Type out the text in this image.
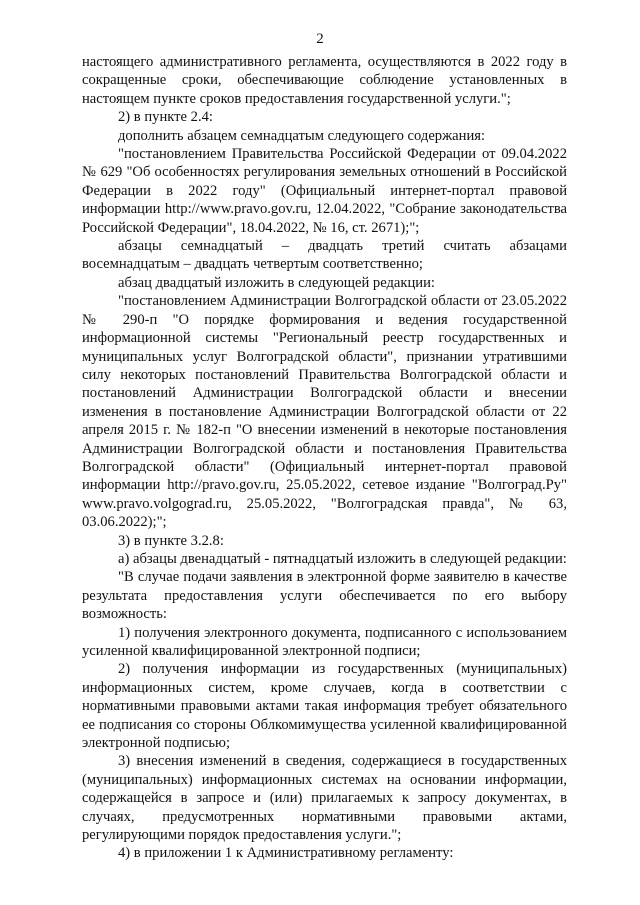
2

настоящего административного регламента, осуществляются в 2022 году в сокращенные сроки, обеспечивающие соблюдение установленных в настоящем пункте сроков предоставления государственной услуги.";

2) в пункте 2.4:

дополнить абзацем семнадцатым следующего содержания:

"постановлением Правительства Российской Федерации от 09.04.2022 № 629 "Об особенностях регулирования земельных отношений в Российской Федерации в 2022 году" (Официальный интернет-портал правовой информации http://www.pravo.gov.ru, 12.04.2022, "Собрание законодательства Российской Федерации", 18.04.2022, № 16, ст. 2671);";

абзацы семнадцатый – двадцать третий считать абзацами восемнадцатым – двадцать четвертым соответственно;

абзац двадцатый изложить в следующей редакции:

"постановлением Администрации Волгоградской области от 23.05.2022 № 290-п "О порядке формирования и ведения государственной информационной системы "Региональный реестр государственных и муниципальных услуг Волгоградской области", признании утратившими силу некоторых постановлений Правительства Волгоградской области и постановлений Администрации Волгоградской области и внесении изменения в постановление Администрации Волгоградской области от 22 апреля 2015 г. № 182-п "О внесении изменений в некоторые постановления Администрации Волгоградской области и постановления Правительства Волгоградской области" (Официальный интернет-портал правовой информации http://pravo.gov.ru, 25.05.2022, сетевое издание "Волгоград.Ру" www.pravo.volgograd.ru, 25.05.2022, "Волгоградская правда", № 63, 03.06.2022);";

3) в пункте 3.2.8:

а) абзацы двенадцатый - пятнадцатый изложить в следующей редакции:

"В случае подачи заявления в электронной форме заявителю в качестве результата предоставления услуги обеспечивается по его выбору возможность:

1) получения электронного документа, подписанного с использованием усиленной квалифицированной электронной подписи;

2) получения информации из государственных (муниципальных) информационных систем, кроме случаев, когда в соответствии с нормативными правовыми актами такая информация требует обязательного ее подписания со стороны Облкомимущества усиленной квалифицированной электронной подписью;

3) внесения изменений в сведения, содержащиеся в государственных (муниципальных) информационных системах на основании информации, содержащейся в запросе и (или) прилагаемых к запросу документах, в случаях, предусмотренных нормативными правовыми актами, регулирующими порядок предоставления услуги.";

4) в приложении 1 к Административному регламенту:
